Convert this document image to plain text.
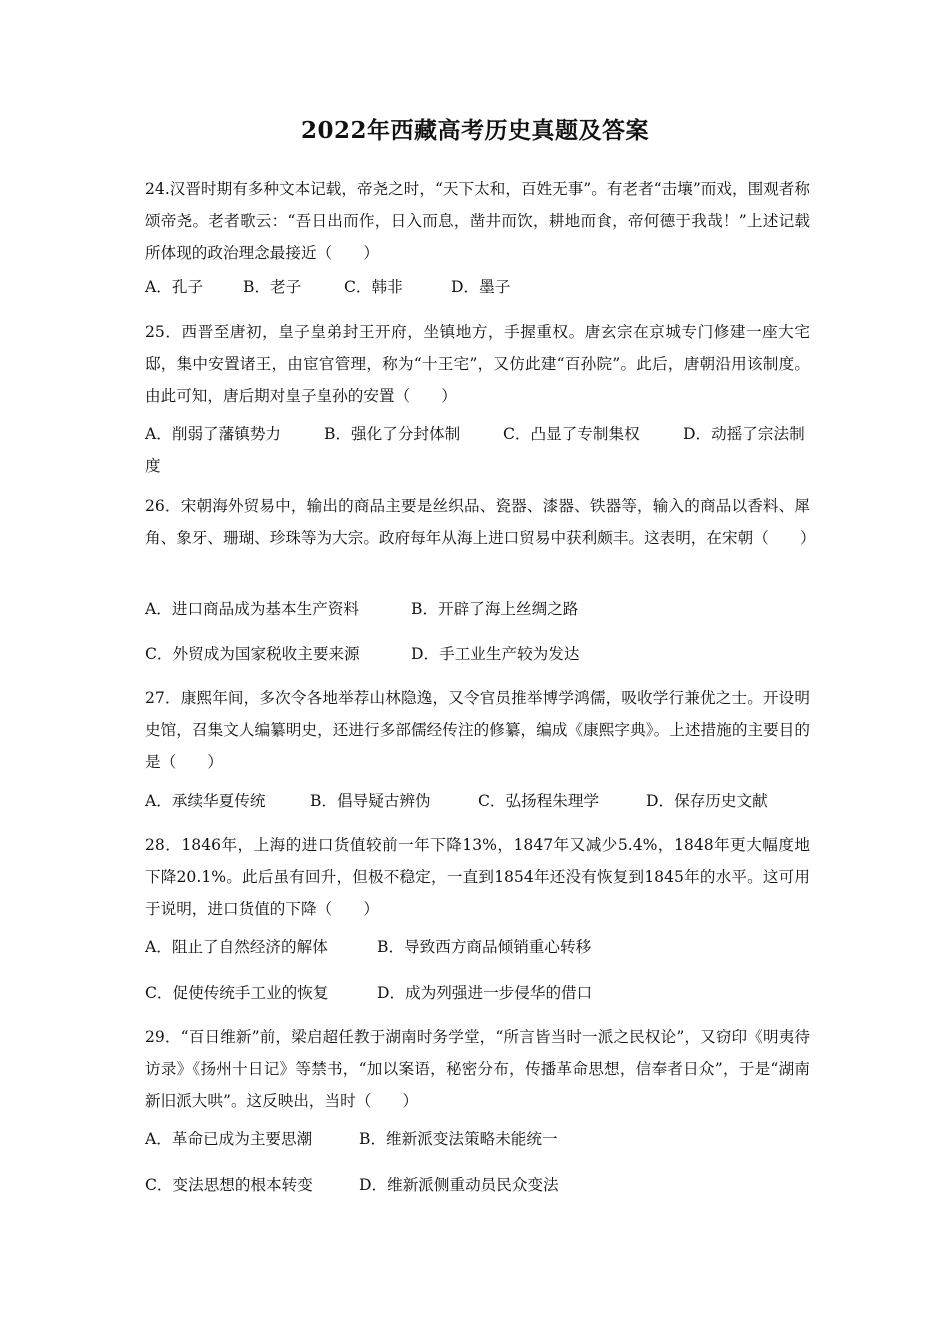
2022年西藏高考历史真题及答案
24.汉晋时期有多种文本记载，帝尧之时，“天下太和，百姓无事”。有老者“击壤”而戏，围观者称颂帝尧。老者歌云：“吾日出而作，日入而息，凿井而饮，耕地而食，帝何德于我哉！”上述记载所体现的政治理念最接近（　　）
A．孔子	B．老子	C．韩非	D．墨子
25．西晋至唐初，皇子皇弟封王开府，坐镇地方，手握重权。唐玄宗在京城专门修建一座大宅邸，集中安置诸王，由宦官管理，称为“十王宅”，又仿此建“百孙院”。此后，唐朝沿用该制度。由此可知，唐后期对皇子皇孙的安置（　　）
A．削弱了藩镇势力	B．强化了分封体制	C．凸显了专制集权	D．动摇了宗法制度
26．宋朝海外贸易中，输出的商品主要是丝织品、瓷器、漆器、铁器等，输入的商品以香料、犀角、象牙、珊瑚、珍珠等为大宗。政府每年从海上进口贸易中获利颇丰。这表明，在宋朝（　　）
A．进口商品成为基本生产资料	B．开辟了海上丝绸之路
C．外贸成为国家税收主要来源	D．手工业生产较为发达
27．康熙年间，多次令各地举荐山林隐逸，又令官员推举博学鸿儒，吸收学行兼优之士。开设明史馆，召集文人编纂明史，还进行多部儒经传注的修纂，编成《康熙字典》。上述措施的主要目的是（　　）
A．承续华夏传统	B．倡导疑古辨伪	C．弘扬程朱理学	D．保存历史文献
28．1846年，上海的进口货值较前一年下降13%，1847年又减少5.4%，1848年更大幅度地下降20.1%。此后虽有回升，但极不稳定，一直到1854年还没有恢复到1845年的水平。这可用于说明，进口货值的下降（　　）
A．阻止了自然经济的解体	B．导致西方商品倾销重心转移
C．促使传统手工业的恢复	D．成为列强进一步侵华的借口
29．“百日维新”前，梁启超任教于湖南时务学堂，“所言皆当时一派之民权论”，又窃印《明夷待访录》《扬州十日记》等禁书，“加以案语，秘密分布，传播革命思想，信奉者日众”，于是“湖南新旧派大哄”。这反映出，当时（　　）
A．革命已成为主要思潮	B．维新派变法策略未能统一
C．变法思想的根本转变	D．维新派侧重动员民众变法
